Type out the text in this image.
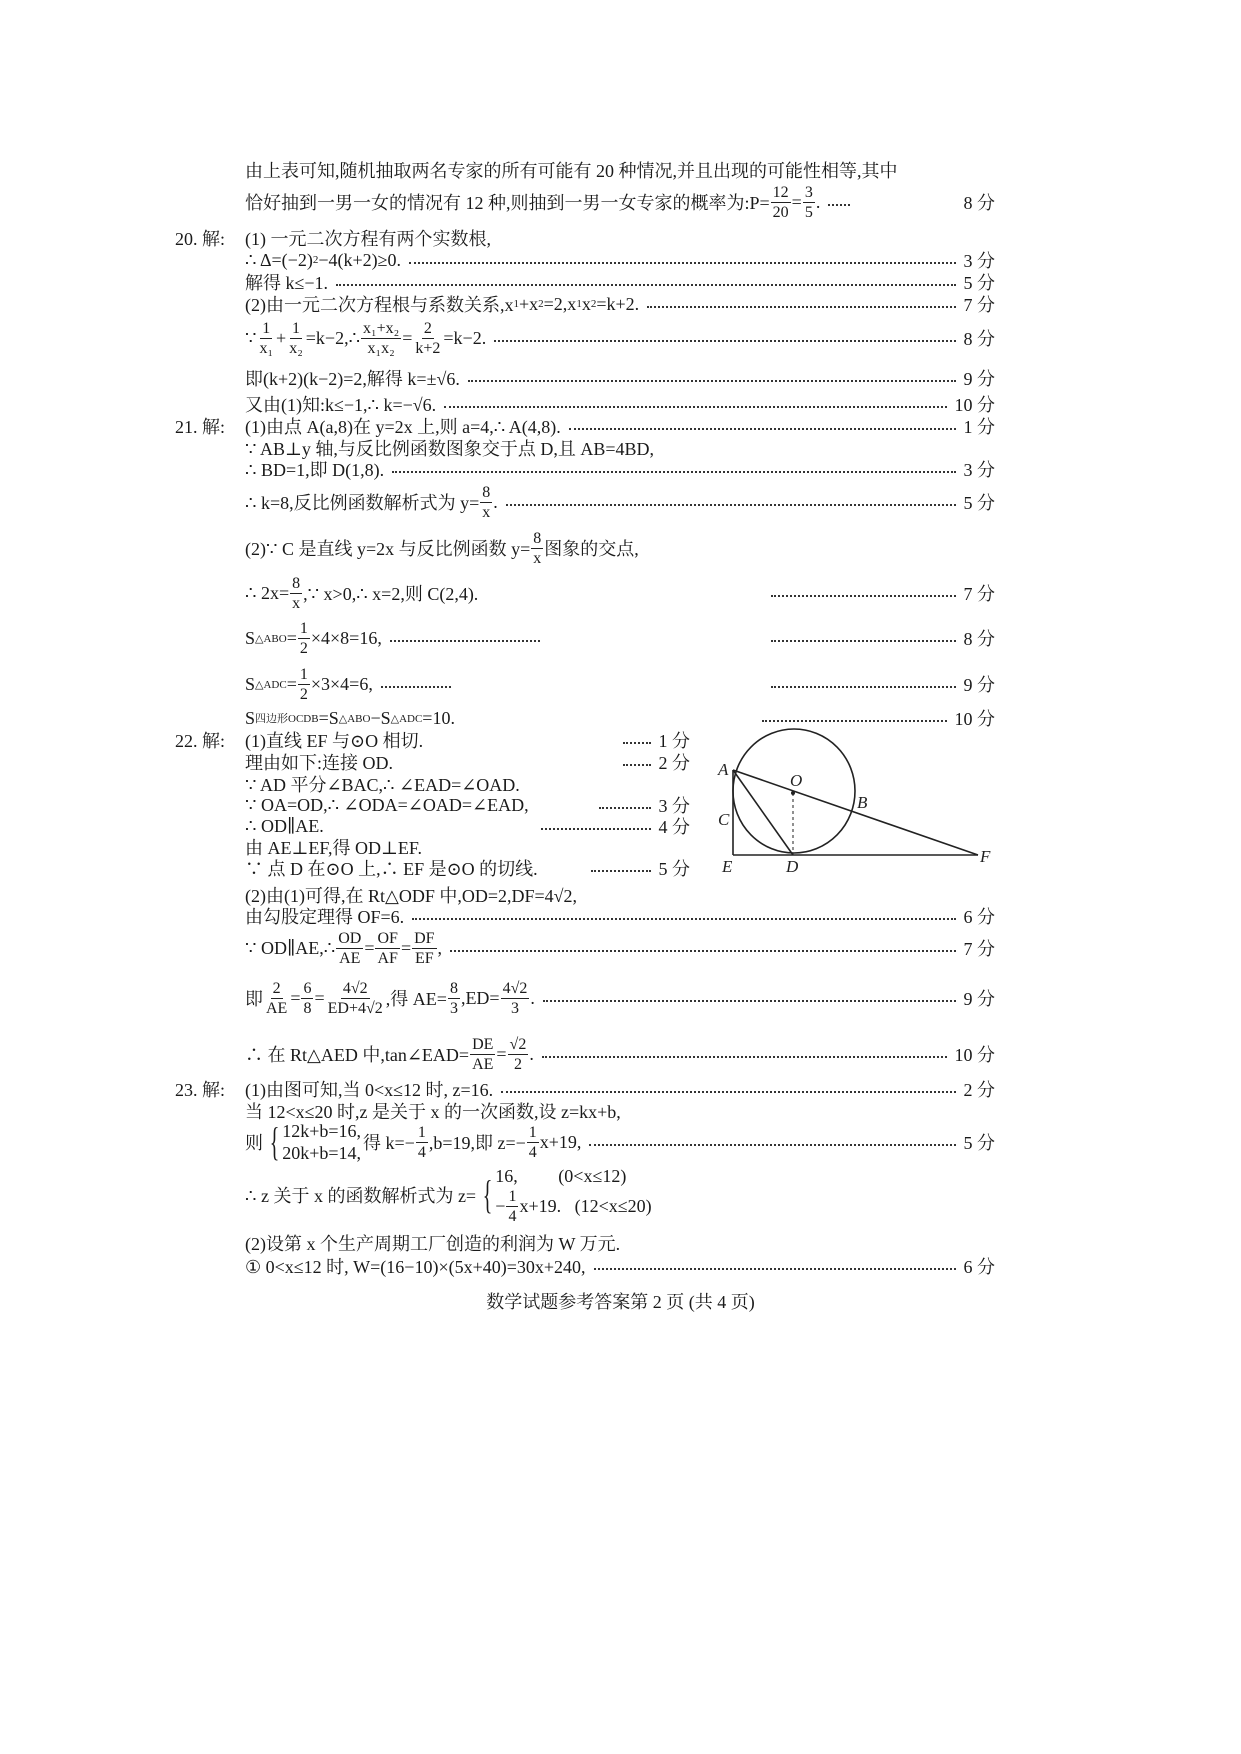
由上表可知,随机抽取两名专家的所有可能有 20 种情况,并且出现的可能性相等,其中
恰好抽到一男一女的情况有 12 种,则抽到一男一女专家的概率为:P= $\frac{12}{20} = \frac{3}{5}$ .	8 分
20. 解: (1) 一元二次方程有两个实数根,
∴ Δ=(−2) 2 −4(k+2)≥0.	3 分
解得 k≤−1.	5 分
(2)由一元二次方程根与系数关系,x 1 +x 2 =2,x 1 x 2 =k+2.	7 分
∵ $\frac{1}{\text{x₁}} + \frac{1}{\text{x₂}}$ =k−2,∴ $\frac{\text{x₁+x₂}}{\text{x₁x₂}} = \frac{2}{k+2} =k-2$.	8 分
即(k+2)(k−2)=2,解得 k=±√6.	9 分
又由(1)知:k≤−1,∴ k=−√6.	10 分
21. 解: (1)由点 A(a,8)在 y=2x 上,则 a=4,∴ A(4,8).	1 分
∵ AB⊥y 轴,与反比例函数图象交于点 D,且 AB=4BD,
∴ BD=1,即 D(1,8).	3 分
∴ k=8,反比例函数解析式为 $y= \frac{8}{x}$ .	5 分
(2)∵ C 是直线 y=2x 与反比例函数 $y= \frac{8}{x}$ 图象的交点,
∴ $2x= \frac{8}{x}$ ,∵ x>0,∴ x=2,则 C(2,4).	7 分
S △ABO = $\frac{1}{2} \times 4\times 8=16$,	8 分
S △ADC = $\frac{1}{2} \times 3\times 4=6$,	9 分
S 四边形OCDB =S △ABO −S △ADC =10.	10 分
22. 解: (1)直线 EF 与⊙O 相切.	1 分
理由如下:连接 OD.	2 分
∵ AD 平分∠BAC,∴ ∠EAD=∠OAD.
∵ OA=OD,∴ ∠ODA=∠OAD=∠EAD,	3 分
∴ OD∥AE.	4 分
由 AE⊥EF,得 OD⊥EF.
∵ 点 D 在⊙O 上,∴ EF 是⊙O 的切线.	5 分
(2)由(1)可得,在 Rt△ODF 中,OD=2,DF=4√2,
由勾股定理得 OF=6.	6 分
∵ OD∥AE,∴ $\frac{OD}{AE} = \frac{OF}{AF} = \frac{DF}{EF}$ ,	7 分
即 $\frac{2}{AE} = \frac{6}{8} = \frac{4√2}{ED+4√2}$ ,得 $AE= \frac{8}{3} ,ED= \frac{4√2}{3}$ .	9 分
∴ 在 Rt△AED 中,tan∠EAD= $\frac{DE}{AE} = \frac{√2}{2}$ .	10 分
23. 解: (1)由图可知,当 0<x≤12 时, z=16.	2 分
当 12<x≤20 时,z 是关于 x 的一次函数,设 z=kx+b,
则 { 12k+b=16,
20k+b=14, 得 $k=- \frac{1}{4} ,b=19$,即 $z=- \frac{1}{4} x+19$,	5 分
∴ z 关于 x 的函数解析式为 z= { 16, (0<x≤12)
− $\frac{1}{4} x+19$. (12<x≤20)
(2)设第 x 个生产周期工厂创造的利润为 W 万元.
① 0<x≤12 时, W=(16−10)×(5x+40)=30x+240,	6 分
A
O
B
C
E	D
F
数学试题参考答案第 2 页 (共 4 页)
